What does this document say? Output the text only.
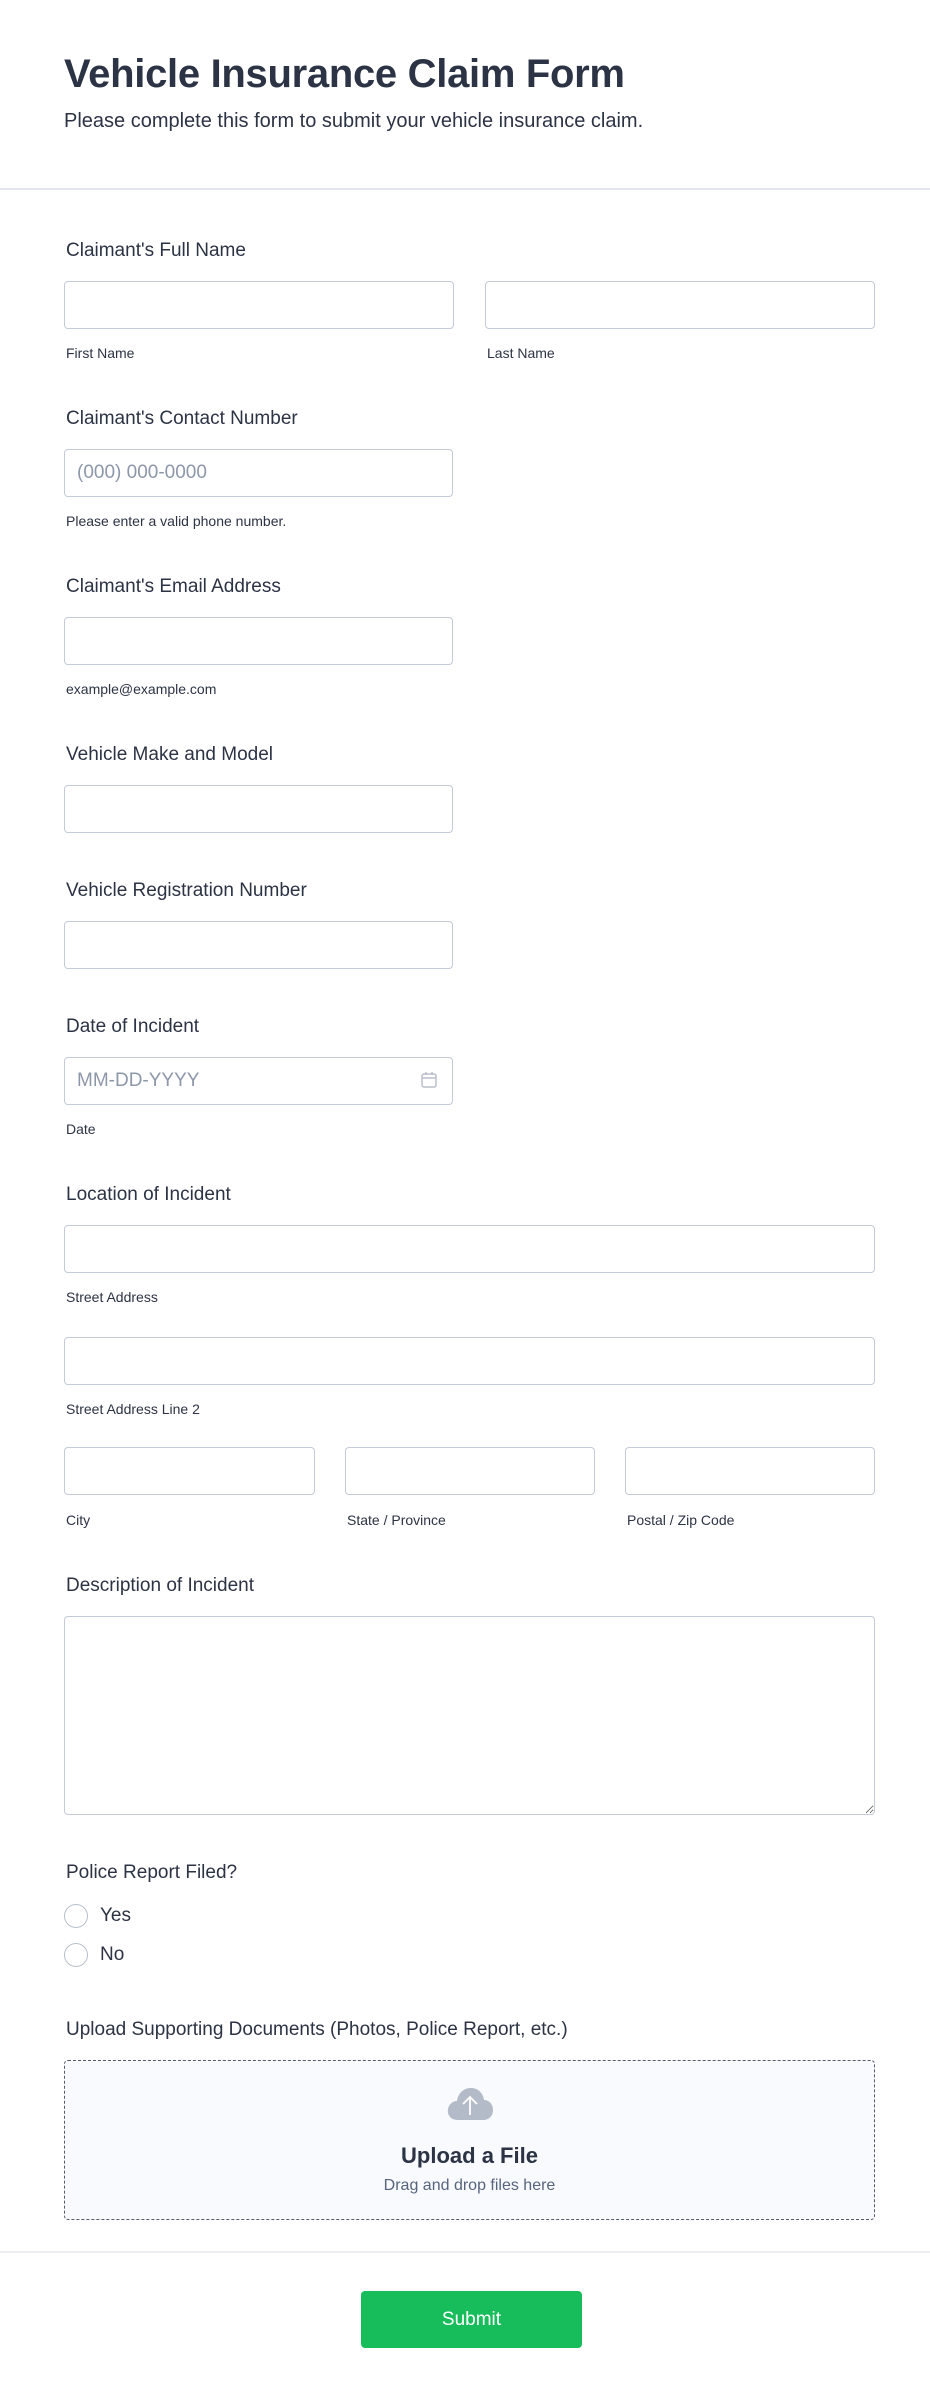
Vehicle Insurance Claim Form
Please complete this form to submit your vehicle insurance claim.
Claimant's Full Name
First Name	Last Name
Claimant's Contact Number
(000) 000-0000
Please enter a valid phone number.
Claimant's Email Address
example@example.com
Vehicle Make and Model
Vehicle Registration Number
Date of Incident
MM-DD-YYYY
Date
Location of Incident
Street Address
Street Address Line 2
City	State / Province	Postal / Zip Code
Description of Incident
Police Report Filed?
Yes
No
Upload Supporting Documents (Photos, Police Report, etc.)
Upload a File
Drag and drop files here
Submit
